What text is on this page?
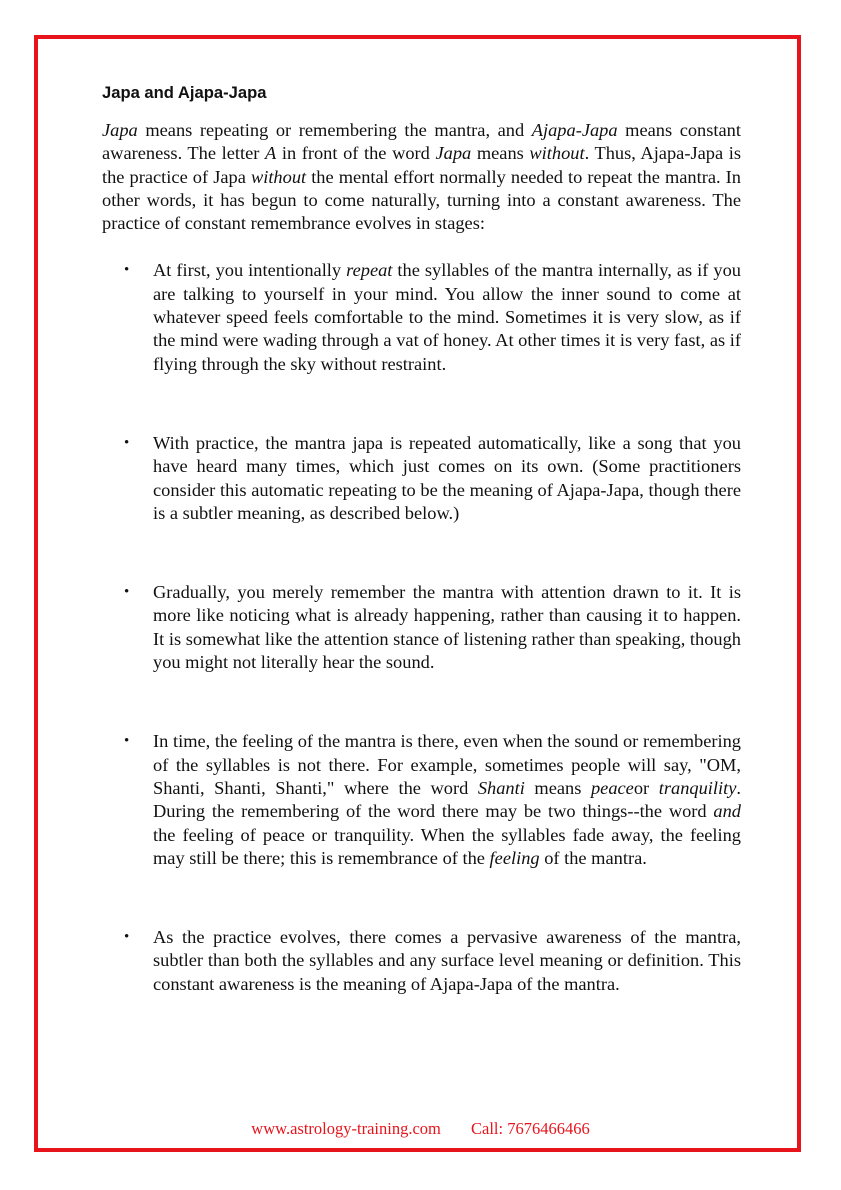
Japa and Ajapa-Japa

Japa means repeating or remembering the mantra, and Ajapa-Japa means constant awareness. The letter A in front of the word Japa means without. Thus, Ajapa-Japa is the practice of Japa without the mental effort normally needed to repeat the mantra. In other words, it has begun to come naturally, turning into a constant awareness. The practice of constant remembrance evolves in stages:

• At first, you intentionally repeat the syllables of the mantra internally, as if you are talking to yourself in your mind. You allow the inner sound to come at whatever speed feels comfortable to the mind. Sometimes it is very slow, as if the mind were wading through a vat of honey. At other times it is very fast, as if flying through the sky without restraint.
• With practice, the mantra japa is repeated automatically, like a song that you have heard many times, which just comes on its own. (Some practitioners consider this automatic repeating to be the meaning of Ajapa-Japa, though there is a subtler meaning, as described below.)
• Gradually, you merely remember the mantra with attention drawn to it. It is more like noticing what is already happening, rather than causing it to happen. It is somewhat like the attention stance of listening rather than speaking, though you might not literally hear the sound.
• In time, the feeling of the mantra is there, even when the sound or remembering of the syllables is not there. For example, sometimes people will say, "OM, Shanti, Shanti, Shanti," where the word Shanti means peaceor tranquility. During the remembering of the word there may be two things--the word and the feeling of peace or tranquility. When the syllables fade away, the feeling may still be there; this is remembrance of the feeling of the mantra.
• As the practice evolves, there comes a pervasive awareness of the mantra, subtler than both the syllables and any surface level meaning or definition. This constant awareness is the meaning of Ajapa-Japa of the mantra.
www.astrology-training.com Call: 7676466466
